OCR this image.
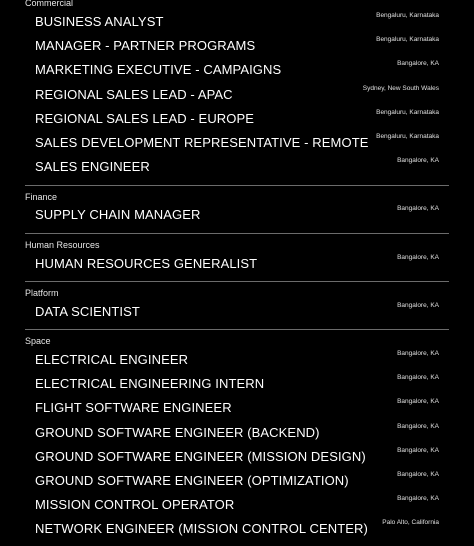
Commercial
BUSINESS ANALYST	Bengaluru, Karnataka
MANAGER - PARTNER PROGRAMS	Bengaluru, Karnataka
MARKETING EXECUTIVE - CAMPAIGNS	Bangalore, KA
REGIONAL SALES LEAD - APAC	Sydney, New South Wales
REGIONAL SALES LEAD - EUROPE	Bengaluru, Karnataka
SALES DEVELOPMENT REPRESENTATIVE - REMOTE Bengaluru, Karnataka
SALES ENGINEER	Bangalore, KA
Finance
SUPPLY CHAIN MANAGER	Bangalore, KA
Human Resources
HUMAN RESOURCES GENERALIST	Bangalore, KA
Platform
DATA SCIENTIST	Bangalore, KA
Space
ELECTRICAL ENGINEER	Bangalore, KA
ELECTRICAL ENGINEERING INTERN	Bangalore, KA
FLIGHT SOFTWARE ENGINEER	Bangalore, KA
GROUND SOFTWARE ENGINEER (BACKEND)	Bangalore, KA
GROUND SOFTWARE ENGINEER (MISSION DESIGN)	Bangalore, KA
GROUND SOFTWARE ENGINEER (OPTIMIZATION)	Bangalore, KA
MISSION CONTROL OPERATOR	Bangalore, KA
NETWORK ENGINEER (MISSION CONTROL CENTER) Palo Alto, California
